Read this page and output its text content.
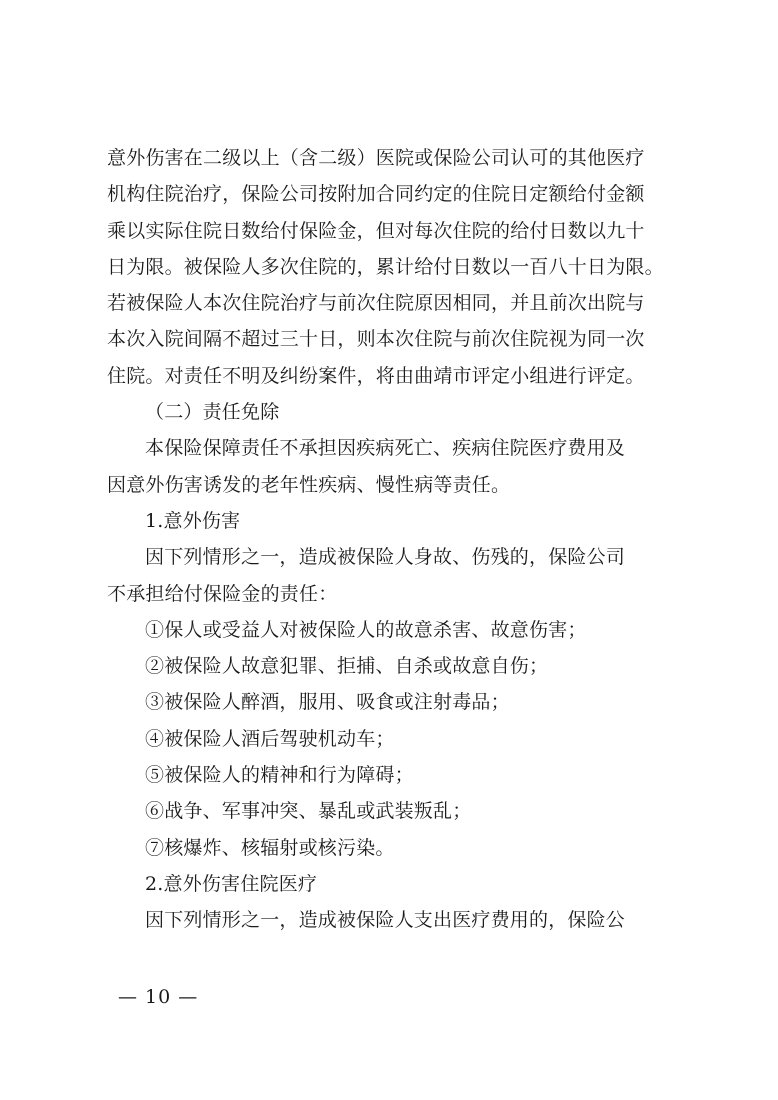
意外伤害在二级以上（含二级）医院或保险公司认可的其他医疗
机构住院治疗，保险公司按附加合同约定的住院日定额给付金额
乘以实际住院日数给付保险金，但对每次住院的给付日数以九十
日为限。被保险人多次住院的，累计给付日数以一百八十日为限。
若被保险人本次住院治疗与前次住院原因相同，并且前次出院与
本次入院间隔不超过三十日，则本次住院与前次住院视为同一次
住院。对责任不明及纠纷案件，将由曲靖市评定小组进行评定。
（二）责任免除
本保险保障责任不承担因疾病死亡、疾病住院医疗费用及
因意外伤害诱发的老年性疾病、慢性病等责任。
1.意外伤害
因下列情形之一，造成被保险人身故、伤残的，保险公司
不承担给付保险金的责任：
①保人或受益人对被保险人的故意杀害、故意伤害；
②被保险人故意犯罪、拒捕、自杀或故意自伤；
③被保险人醉酒，服用、吸食或注射毒品；
④被保险人酒后驾驶机动车；
⑤被保险人的精神和行为障碍；
⑥战争、军事冲突、暴乱或武装叛乱；
⑦核爆炸、核辐射或核污染。
2.意外伤害住院医疗
因下列情形之一，造成被保险人支出医疗费用的，保险公
— 10 —
